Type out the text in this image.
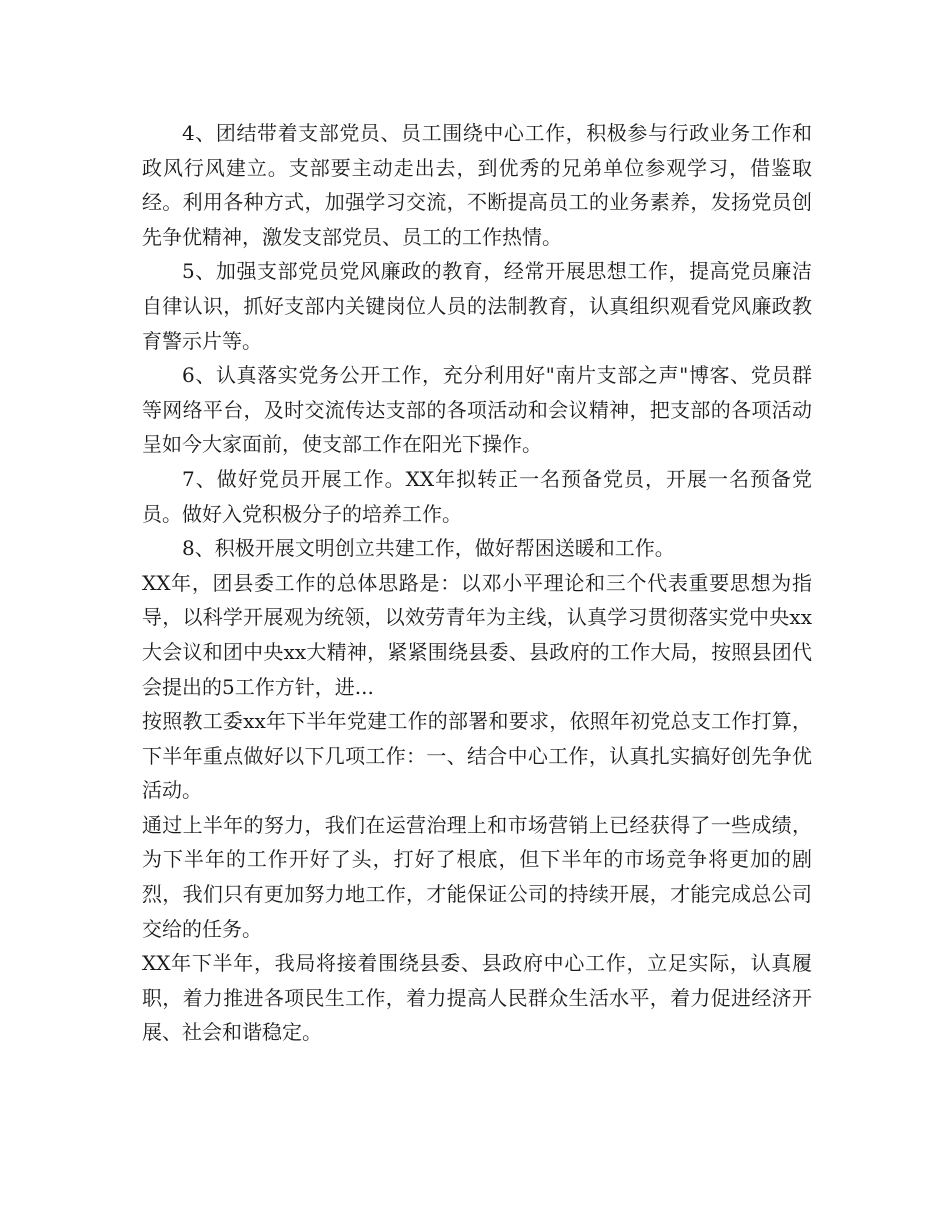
4、团结带着支部党员、员工围绕中心工作，积极参与行政业务工作和政风行风建立。支部要主动走出去，到优秀的兄弟单位参观学习，借鉴取经。利用各种方式，加强学习交流，不断提高员工的业务素养，发扬党员创先争优精神，激发支部党员、员工的工作热情。

5、加强支部党员党风廉政的教育，经常开展思想工作，提高党员廉洁自律认识，抓好支部内关键岗位人员的法制教育，认真组织观看党风廉政教育警示片等。

6、认真落实党务公开工作，充分利用好"南片支部之声"博客、党员群等网络平台，及时交流传达支部的各项活动和会议精神，把支部的各项活动呈如今大家面前，使支部工作在阳光下操作。

7、做好党员开展工作。XX年拟转正一名预备党员，开展一名预备党员。做好入党积极分子的培养工作。

8、积极开展文明创立共建工作，做好帮困送暖和工作。

XX年，团县委工作的总体思路是：以邓小平理论和三个代表重要思想为指导，以科学开展观为统领，以效劳青年为主线，认真学习贯彻落实党中央xx大会议和团中央xx大精神，紧紧围绕县委、县政府的工作大局，按照县团代会提出的5工作方针，进...

按照教工委xx年下半年党建工作的部署和要求，依照年初党总支工作打算，下半年重点做好以下几项工作：一、结合中心工作，认真扎实搞好创先争优活动。

通过上半年的努力，我们在运营治理上和市场营销上已经获得了一些成绩，为下半年的工作开好了头，打好了根底，但下半年的市场竞争将更加的剧烈，我们只有更加努力地工作，才能保证公司的持续开展，才能完成总公司交给的任务。

XX年下半年，我局将接着围绕县委、县政府中心工作，立足实际，认真履职，着力推进各项民生工作，着力提高人民群众生活水平，着力促进经济开展、社会和谐稳定。
